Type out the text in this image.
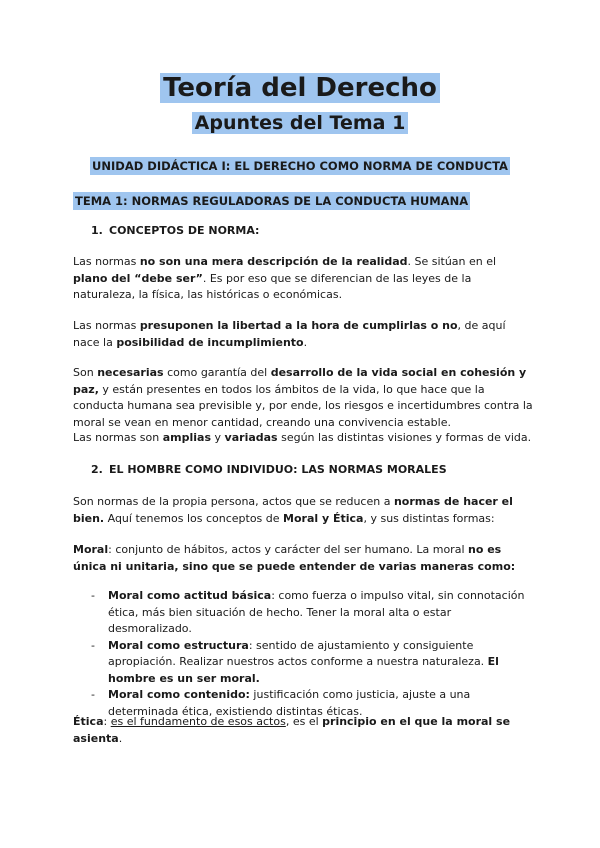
Teoría del Derecho
Apuntes del Tema 1
UNIDAD DIDÁCTICA I: EL DERECHO COMO NORMA DE CONDUCTA
TEMA 1: NORMAS REGULADORAS DE LA CONDUCTA HUMANA
1. CONCEPTOS DE NORMA:
Las normas no son una mera descripción de la realidad. Se sitúan en el plano del “debe ser”. Es por eso que se diferencian de las leyes de la naturaleza, la física, las históricas o económicas.
Las normas presuponen la libertad a la hora de cumplirlas o no, de aquí nace la posibilidad de incumplimiento.
Son necesarias como garantía del desarrollo de la vida social en cohesión y paz, y están presentes en todos los ámbitos de la vida, lo que hace que la conducta humana sea previsible y, por ende, los riesgos e incertidumbres contra la moral se vean en menor cantidad, creando una convivencia estable.
Las normas son amplias y variadas según las distintas visiones y formas de vida.
2. EL HOMBRE COMO INDIVIDUO: LAS NORMAS MORALES
Son normas de la propia persona, actos que se reducen a normas de hacer el bien. Aquí tenemos los conceptos de Moral y Ética, y sus distintas formas:
Moral: conjunto de hábitos, actos y carácter del ser humano. La moral no es única ni unitaria, sino que se puede entender de varias maneras como:
- Moral como actitud básica: como fuerza o impulso vital, sin connotación ética, más bien situación de hecho. Tener la moral alta o estar desmoralizado.
- Moral como estructura: sentido de ajustamiento y consiguiente apropiación. Realizar nuestros actos conforme a nuestra naturaleza. El hombre es un ser moral.
- Moral como contenido: justificación como justicia, ajuste a una determinada ética, existiendo distintas éticas.
Ética: es el fundamento de esos actos, es el principio en el que la moral se asienta.
